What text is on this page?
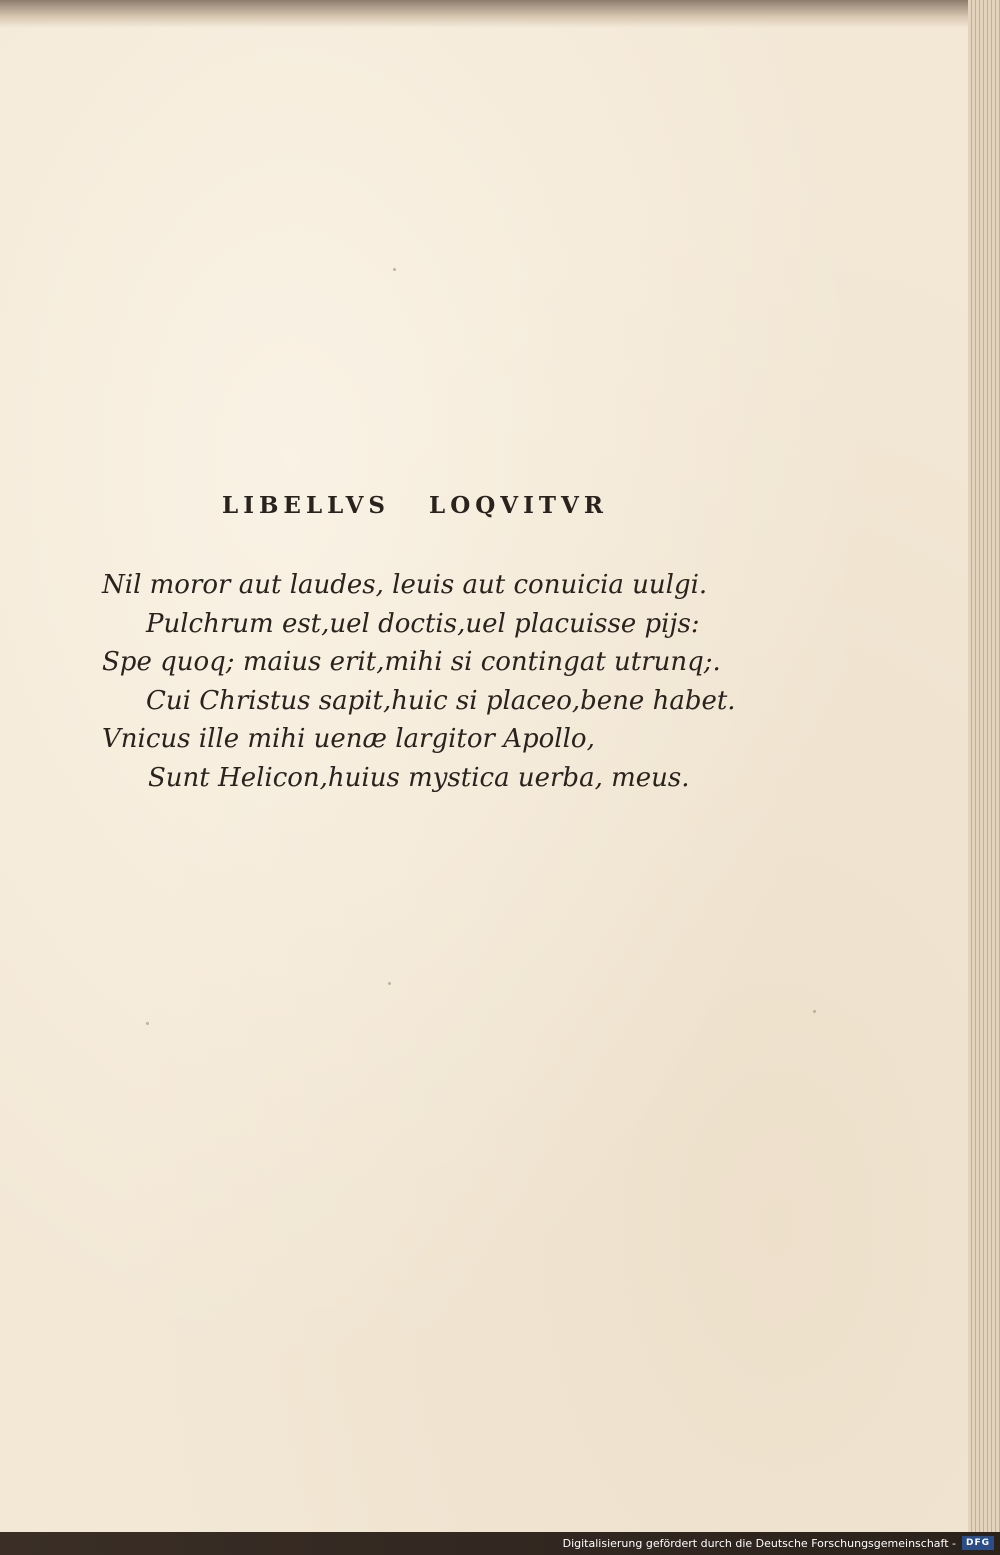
LIBELLVS LOQVITVR
Nil moror aut laudes, leuis aut conuicia uulgi.
Pulchrum est,uel doctis,uel placuisse pijs:
Spe quoq; maius erit,mihi si contingat utrunq;.
Cui Christus sapit,huic si placeo,bene habet.
Vnicus ille mihi uenæ largitor Apollo,
Sunt Helicon,huius mystica uerba, meus.
Digitalisierung gefördert durch die Deutsche Forschungsgemeinschaft -	DFG
